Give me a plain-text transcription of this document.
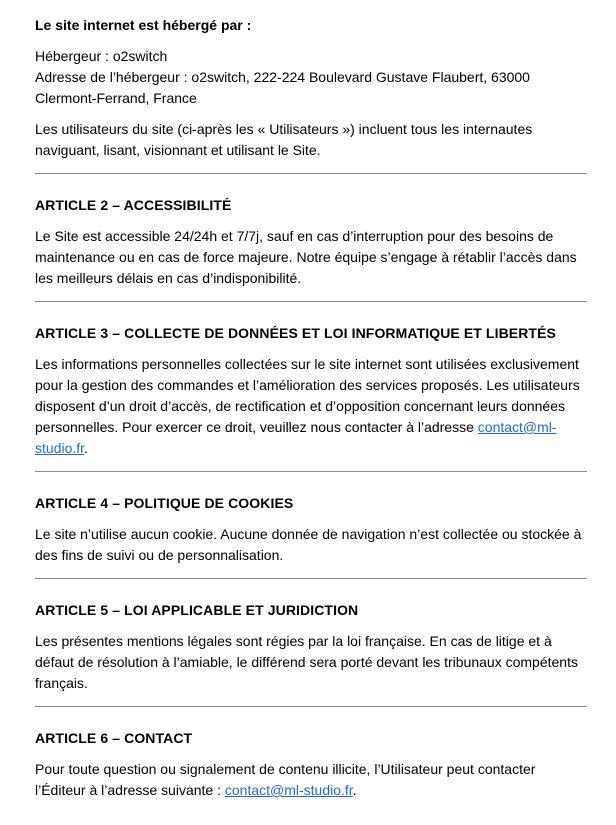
Le site internet est hébergé par :

Hébergeur : o2switch
Adresse de l’hébergeur : o2switch, 222-224 Boulevard Gustave Flaubert, 63000 Clermont-Ferrand, France

Les utilisateurs du site (ci-après les « Utilisateurs ») incluent tous les internautes naviguant, lisant, visionnant et utilisant le Site.

ARTICLE 2 – ACCESSIBILITÉ

Le Site est accessible 24/24h et 7/7j, sauf en cas d’interruption pour des besoins de maintenance ou en cas de force majeure. Notre équipe s’engage à rétablir l’accès dans les meilleurs délais en cas d’indisponibilité.

ARTICLE 3 – COLLECTE DE DONNÉES ET LOI INFORMATIQUE ET LIBERTÉS

Les informations personnelles collectées sur le site internet sont utilisées exclusivement pour la gestion des commandes et l’amélioration des services proposés. Les utilisateurs disposent d’un droit d’accès, de rectification et d’opposition concernant leurs données personnelles. Pour exercer ce droit, veuillez nous contacter à l’adresse contact@ml-studio.fr.

ARTICLE 4 – POLITIQUE DE COOKIES

Le site n’utilise aucun cookie. Aucune donnée de navigation n’est collectée ou stockée à des fins de suivi ou de personnalisation.

ARTICLE 5 – LOI APPLICABLE ET JURIDICTION

Les présentes mentions légales sont régies par la loi française. En cas de litige et à défaut de résolution à l’amiable, le différend sera porté devant les tribunaux compétents français.

ARTICLE 6 – CONTACT

Pour toute question ou signalement de contenu illicite, l’Utilisateur peut contacter l’Éditeur à l’adresse suivante : contact@ml-studio.fr.
